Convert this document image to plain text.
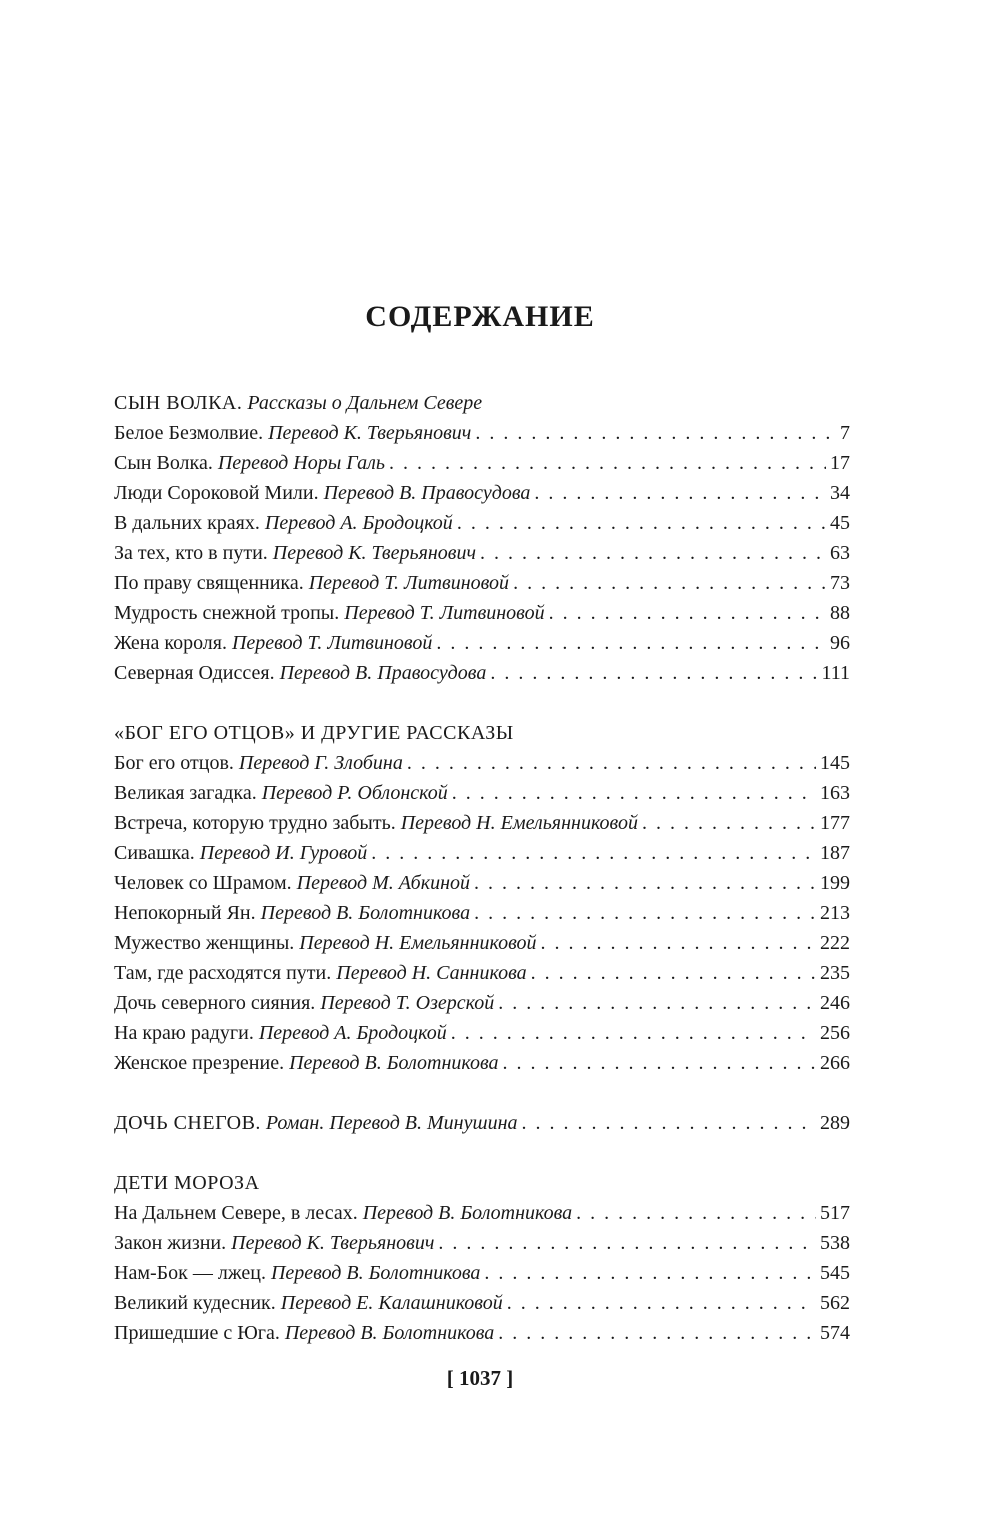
СОДЕРЖАНИЕ
СЫН ВОЛКА. Рассказы о Дальнем Севере
Белое Безмолвие. Перевод К. Тверьянович . . .	7
Сын Волка. Перевод Норы Галь . . .	17
Люди Сороковой Мили. Перевод В. Правосудова . . .	34
В дальних краях. Перевод А. Бродоцкой . . .	45
За тех, кто в пути. Перевод К. Тверьянович . . .	63
По праву священника. Перевод Т. Литвиновой . . .	73
Мудрость снежной тропы. Перевод Т. Литвиновой . . .	88
Жена короля. Перевод Т. Литвиновой . . .	96
Северная Одиссея. Перевод В. Правосудова . . .	111
«БОГ ЕГО ОТЦОВ» И ДРУГИЕ РАССКАЗЫ
Бог его отцов. Перевод Г. Злобина . . .	145
Великая загадка. Перевод Р. Облонской . . .	163
Встреча, которую трудно забыть. Перевод Н. Емельянниковой . . .	177
Сивашка. Перевод И. Гуровой . . .	187
Человек со Шрамом. Перевод М. Абкиной . . .	199
Непокорный Ян. Перевод В. Болотникова . . .	213
Мужество женщины. Перевод Н. Емельянниковой . . .	222
Там, где расходятся пути. Перевод Н. Санникова . . .	235
Дочь северного сияния. Перевод Т. Озерской . . .	246
На краю радуги. Перевод А. Бродоцкой . . .	256
Женское презрение. Перевод В. Болотникова . . .	266
ДОЧЬ СНЕГОВ. Роман. Перевод В. Минушина . . .	289
ДЕТИ МОРОЗА
На Дальнем Севере, в лесах. Перевод В. Болотникова . . .	517
Закон жизни. Перевод К. Тверьянович . . .	538
Нам-Бок — лжец. Перевод В. Болотникова . . .	545
Великий кудесник. Перевод Е. Калашниковой . . .	562
Пришедшие с Юга. Перевод В. Болотникова . . .	574
[ 1037 ]
